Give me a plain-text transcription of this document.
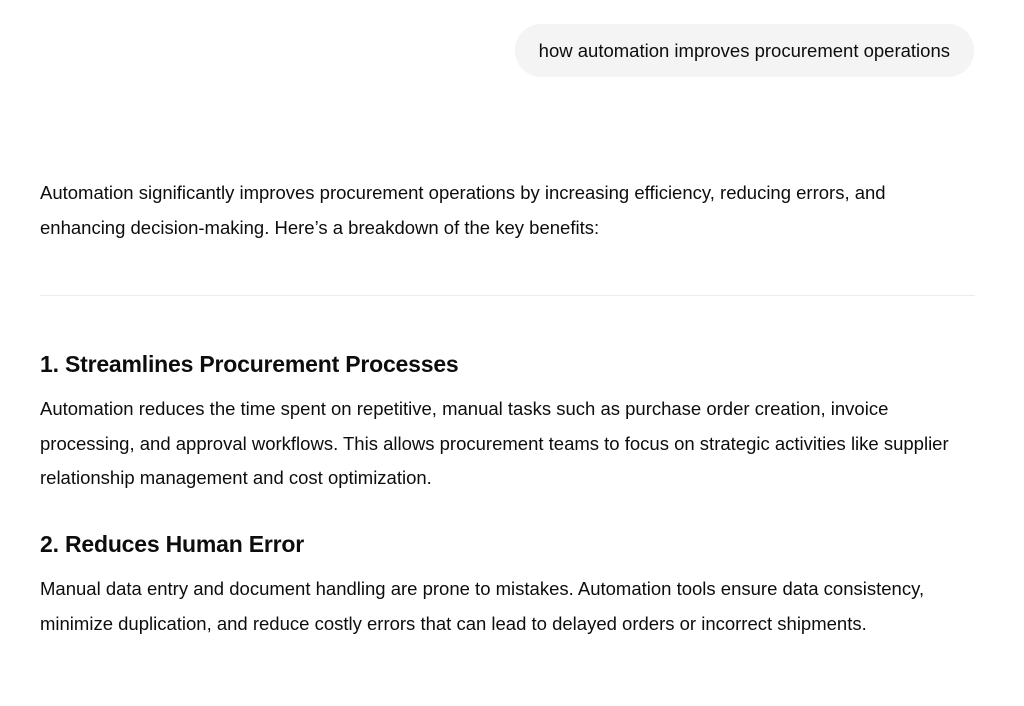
how automation improves procurement operations

Automation significantly improves procurement operations by increasing efficiency, reducing errors, and enhancing decision-making. Here’s a breakdown of the key benefits:

1. Streamlines Procurement Processes

Automation reduces the time spent on repetitive, manual tasks such as purchase order creation, invoice processing, and approval workflows. This allows procurement teams to focus on strategic activities like supplier relationship management and cost optimization.

2. Reduces Human Error

Manual data entry and document handling are prone to mistakes. Automation tools ensure data consistency, minimize duplication, and reduce costly errors that can lead to delayed orders or incorrect shipments.
